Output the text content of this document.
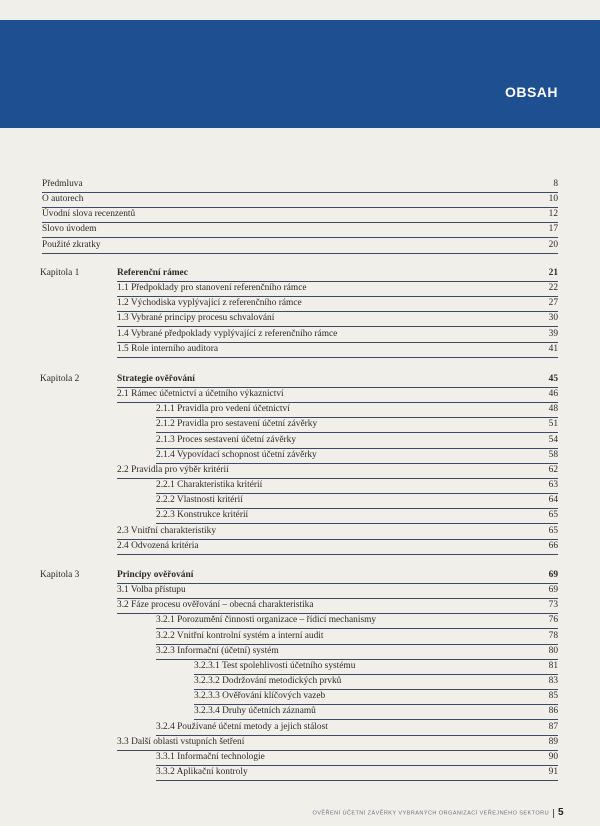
OBSAH
Předmluva	8
O autorech	10
Úvodní slova recenzentů	12
Slovo úvodem	17
Použité zkratky	20
Kapitola 1	Referenční rámec	21
1.1 Předpoklady pro stanovení referenčního rámce	22
1.2 Východiska vyplývající z referenčního rámce	27
1.3 Vybrané principy procesu schvalování	30
1.4 Vybrané předpoklady vyplývající z referenčního rámce	39
1.5 Role interního auditora	41
Kapitola 2	Strategie ověřování	45
2.1 Rámec účetnictví a účetního výkaznictví	46
2.1.1 Pravidla pro vedení účetnictví	48
2.1.2 Pravidla pro sestavení účetní závěrky	51
2.1.3 Proces sestavení účetní závěrky	54
2.1.4 Vypovídací schopnost účetní závěrky	58
2.2 Pravidla pro výběr kritérií	62
2.2.1 Charakteristika kritérií	63
2.2.2 Vlastnosti kritérií	64
2.2.3 Konstrukce kritérií	65
2.3 Vnitřní charakteristiky	65
2.4 Odvozená kritéria	66
Kapitola 3	Principy ověřování	69
3.1 Volba přístupu	69
3.2 Fáze procesu ověřování – obecná charakteristika	73
3.2.1 Porozumění činnosti organizace – řídicí mechanismy	76
3.2.2 Vnitřní kontrolní systém a interní audit	78
3.2.3 Informační (účetní) systém	80
3.2.3.1 Test spolehlivosti účetního systému	81
3.2.3.2 Dodržování metodických prvků	83
3.2.3.3 Ověřování klíčových vazeb	85
3.2.3.4 Druhy účetních záznamů	86
3.2.4 Používané účetní metody a jejich stálost	87
3.3 Další oblasti vstupních šetření	89
3.3.1 Informační technologie	90
3.3.2 Aplikační kontroly	91
OVĚŘENÍ ÚČETNÍ ZÁVĚRKY VYBRANÝCH ORGANIZACÍ VEŘEJNÉHO SEKTORU 5
